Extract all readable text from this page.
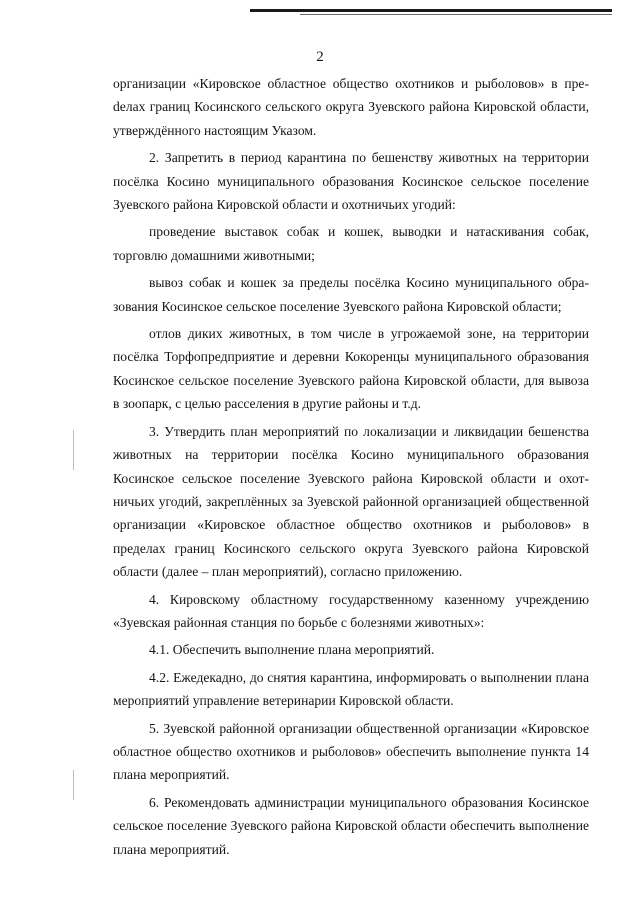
2

организации «Кировское областное общество охотников и рыболовов» в преdелах границ Косинского сельского округа Зуевского района Кировской области, утверждённого настоящим Указом.

2. Запретить в период карантина по бешенству животных на территории посёлка Косино муниципального образования Косинское сельское поселение Зуевского района Кировской области и охотничьих угодий:

проведение выставок собак и кошек, выводки и натаскивания собак, торговлю домашними животными;

вывоз собак и кошек за пределы посёлка Косино муниципального образования Косинское сельское поселение Зуевского района Кировской области;

отлов диких животных, в том числе в угрожаемой зоне, на территории посёлка Торфопредприятие и деревни Кокоренцы муниципального образования Косинское сельское поселение Зуевского района Кировской области, для вывоза в зоопарк, с целью расселения в другие районы и т.д.

3. Утвердить план мероприятий по локализации и ликвидации бешенства животных на территории посёлка Косино муниципального образования Косинское сельское поселение Зуевского района Кировской области и охотничьих угодий, закреплённых за Зуевской районной организацией общественной организации «Кировское областное общество охотников и рыболовов» в пределах границ Косинского сельского округа Зуевского района Кировской области (далее – план мероприятий), согласно приложению.

4. Кировскому областному государственному казенному учреждению «Зуевская районная станция по борьбе с болезнями животных»:

4.1. Обеспечить выполнение плана мероприятий.

4.2. Ежедекадно, до снятия карантина, информировать о выполнении плана мероприятий управление ветеринарии Кировской области.

5. Зуевской районной организации общественной организации «Кировское областное общество охотников и рыболовов» обеспечить выполнение пункта 14 плана мероприятий.

6. Рекомендовать администрации муниципального образования Косинское сельское поселение Зуевского района Кировской области обеспечить выполнение плана мероприятий.
